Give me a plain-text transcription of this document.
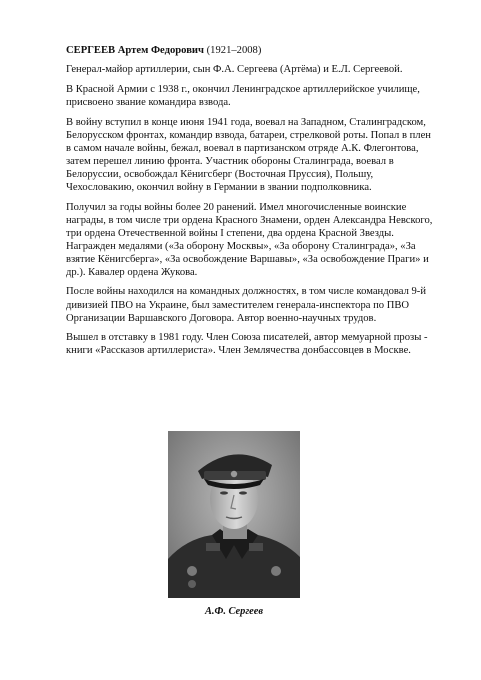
СЕРГЕЕВ Артем Федорович (1921–2008)

Генерал-майор артиллерии, сын Ф.А. Сергеева (Артёма) и Е.Л. Сергеевой.

В Красной Армии с 1938 г., окончил Ленинградское артиллерийское училище, присвоено звание командира взвода.

В войну вступил в конце июня 1941 года, воевал на Западном, Сталинградском, Белорусском фронтах, командир взвода, батареи, стрелковой роты. Попал в плен в самом начале войны, бежал, воевал в партизанском отряде А.К. Флегонтова, затем перешел линию фронта. Участник обороны Сталинграда, воевал в Белоруссии, освобождал Кёнигсберг (Восточная Пруссия), Польшу, Чехословакию, окончил войну в Германии в звании подполковника.

Получил за годы войны более 20 ранений. Имел многочисленные воинские награды, в том числе три ордена Красного Знамени, орден Александра Невского, три ордена Отечественной войны I степени, два ордена Красной Звезды. Награжден медалями («За оборону Москвы», «За оборону Сталинграда», «За взятие Кёнигсберга», «За освобождение Варшавы», «За освобождение Праги» и др.). Кавалер ордена Жукова.

После войны находился на командных должностях, в том числе командовал 9-й дивизией ПВО на Украине, был заместителем генерала-инспектора по ПВО Организации Варшавского Договора. Автор военно-научных трудов.

Вышел в отставку в 1981 году. Член Союза писателей, автор мемуарной прозы - книги «Рассказов артиллериста». Член Землячества донбассовцев в Москве.

А.Ф. Сергеев
